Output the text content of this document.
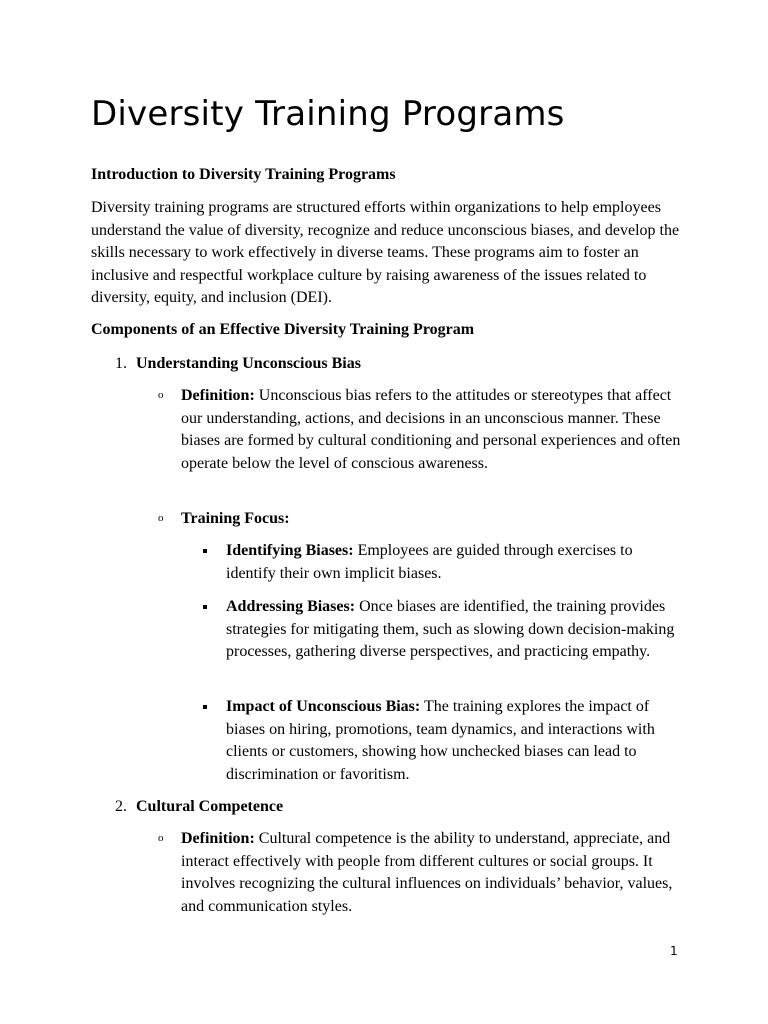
Diversity Training Programs
Introduction to Diversity Training Programs
Diversity training programs are structured efforts within organizations to help employees understand the value of diversity, recognize and reduce unconscious biases, and develop the skills necessary to work effectively in diverse teams. These programs aim to foster an inclusive and respectful workplace culture by raising awareness of the issues related to diversity, equity, and inclusion (DEI).
Components of an Effective Diversity Training Program
1. Understanding Unconscious Bias
o Definition: Unconscious bias refers to the attitudes or stereotypes that affect our understanding, actions, and decisions in an unconscious manner. These biases are formed by cultural conditioning and personal experiences and often operate below the level of conscious awareness.
o Training Focus:
Identifying Biases: Employees are guided through exercises to identify their own implicit biases.
Addressing Biases: Once biases are identified, the training provides strategies for mitigating them, such as slowing down decision-making processes, gathering diverse perspectives, and practicing empathy.
Impact of Unconscious Bias: The training explores the impact of biases on hiring, promotions, team dynamics, and interactions with clients or customers, showing how unchecked biases can lead to discrimination or favoritism.
2. Cultural Competence
o Definition: Cultural competence is the ability to understand, appreciate, and interact effectively with people from different cultures or social groups. It involves recognizing the cultural influences on individuals’ behavior, values, and communication styles.
1
